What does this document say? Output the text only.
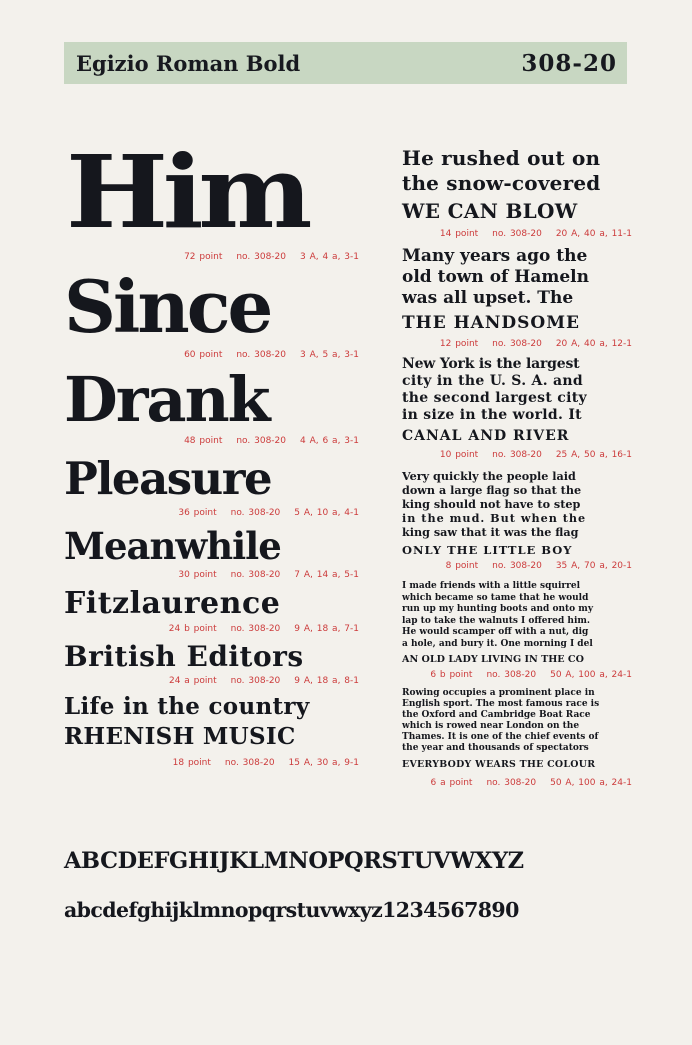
Egizio Roman Bold	308-20
Him
72 point no. 308-20 3 A, 4 a, 3-1
Since
60 point no. 308-20 3 A, 5 a, 3-1
Drank
48 point no. 308-20 4 A, 6 a, 3-1
Pleasure
36 point no. 308-20 5 A, 10 a, 4-1
Meanwhile
30 point no. 308-20 7 A, 14 a, 5-1
Fitzlaurence
24 b point no. 308-20 9 A, 18 a, 7-1
British Editors
24 a point no. 308-20 9 A, 18 a, 8-1
Life in the country
RHENISH MUSIC
18 point no. 308-20 15 A, 30 a, 9-1
He rushed out on
the snow-covered
WE CAN BLOW
14 point no. 308-20 20 A, 40 a, 11-1
Many years ago the
old town of Hameln
was all upset. The
THE HANDSOME
12 point no. 308-20 20 A, 40 a, 12-1
New York is the largest
city in the U. S. A. and
the second largest city
in size in the world. It
CANAL AND RIVER
10 point no. 308-20 25 A, 50 a, 16-1
Very quickly the people laid
down a large flag so that the
king should not have to step
in the mud. But when the
king saw that it was the flag
ONLY THE LITTLE BOY
8 point no. 308-20 35 A, 70 a, 20-1
I made friends with a little squirrel
which became so tame that he would
run up my hunting boots and onto my
lap to take the walnuts I offered him.
He would scamper off with a nut, dig
a hole, and bury it. One morning I del
AN OLD LADY LIVING IN THE CO
6 b point no. 308-20 50 A, 100 a, 24-1
Rowing occupies a prominent place in
English sport. The most famous race is
the Oxford and Cambridge Boat Race
which is rowed near London on the
Thames. It is one of the chief events of
the year and thousands of spectators
EVERYBODY WEARS THE COLOUR
6 a point no. 308-20 50 A, 100 a, 24-1
ABCDEFGHIJKLMNOPQRSTUVWXYZ
abcdefghijklmnopqrstuvwxyz1234567890
